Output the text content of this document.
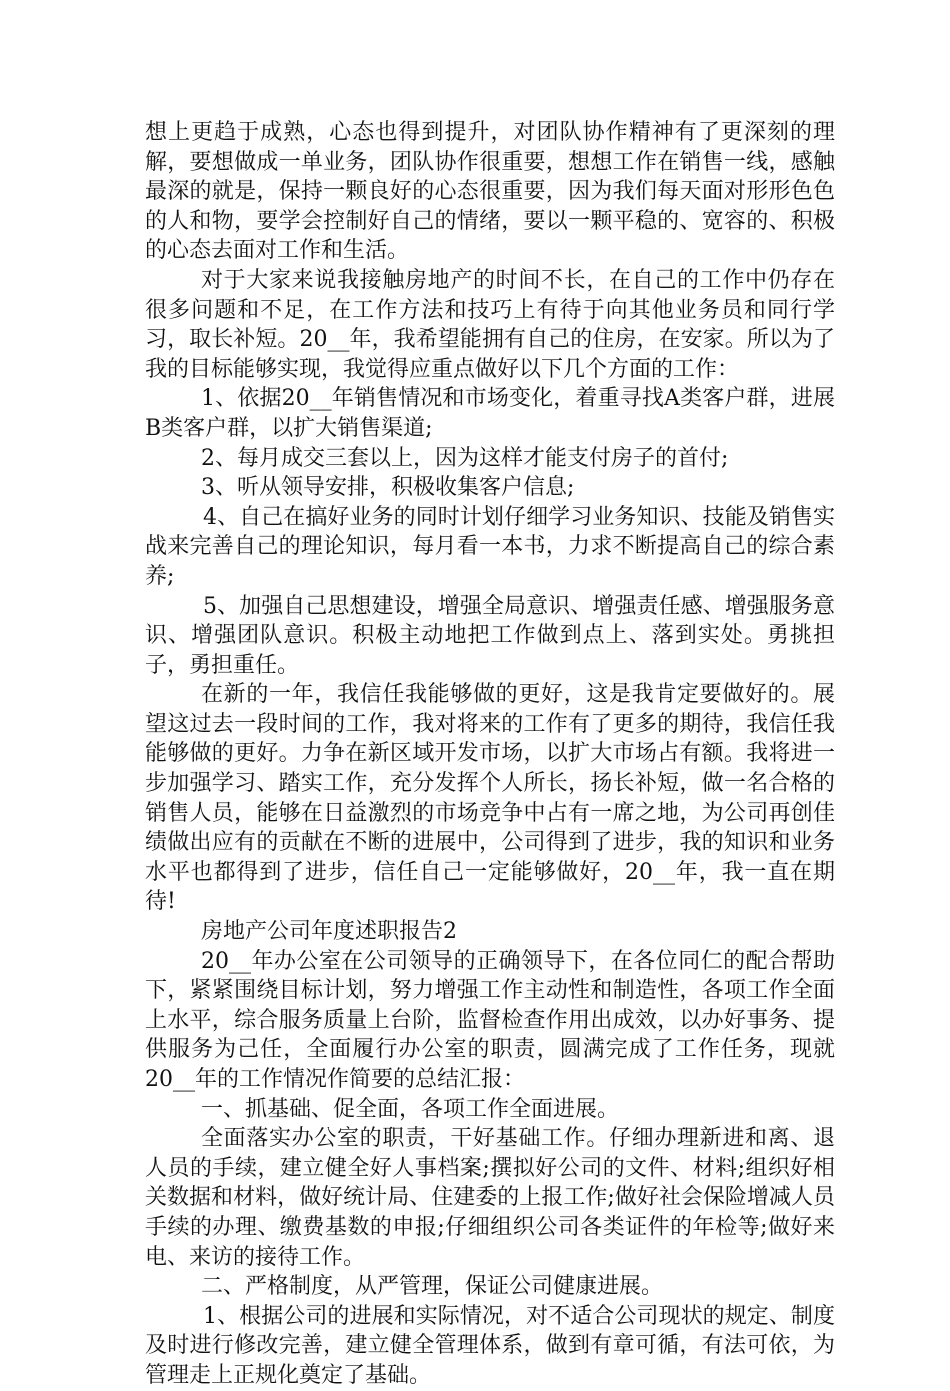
想上更趋于成熟，心态也得到提升，对团队协作精神有了更深刻的理解，要想做成一单业务，团队协作很重要，想想工作在销售一线，感触最深的就是，保持一颗良好的心态很重要，因为我们每天面对形形色色的人和物，要学会控制好自己的情绪，要以一颗平稳的、宽容的、积极的心态去面对工作和生活。

对于大家来说我接触房地产的时间不长，在自己的工作中仍存在很多问题和不足，在工作方法和技巧上有待于向其他业务员和同行学习，取长补短。20__年，我希望能拥有自己的住房，在安家。所以为了我的目标能够实现，我觉得应重点做好以下几个方面的工作：

1、依据20__年销售情况和市场变化，着重寻找A类客户群，进展B类客户群，以扩大销售渠道;

2、每月成交三套以上，因为这样才能支付房子的首付;

3、听从领导安排，积极收集客户信息;

4、自己在搞好业务的同时计划仔细学习业务知识、技能及销售实战来完善自己的理论知识，每月看一本书，力求不断提高自己的综合素养;

5、加强自己思想建设，增强全局意识、增强责任感、增强服务意识、增强团队意识。积极主动地把工作做到点上、落到实处。勇挑担子，勇担重任。

在新的一年，我信任我能够做的更好，这是我肯定要做好的。展望这过去一段时间的工作，我对将来的工作有了更多的期待，我信任我能够做的更好。力争在新区域开发市场，以扩大市场占有额。我将进一步加强学习、踏实工作，充分发挥个人所长，扬长补短，做一名合格的销售人员，能够在日益激烈的市场竞争中占有一席之地，为公司再创佳绩做出应有的贡献在不断的进展中，公司得到了进步，我的知识和业务水平也都得到了进步，信任自己一定能够做好，20__年，我一直在期待!

房地产公司年度述职报告2

20__年办公室在公司领导的正确领导下，在各位同仁的配合帮助下，紧紧围绕目标计划，努力增强工作主动性和制造性，各项工作全面上水平，综合服务质量上台阶，监督检查作用出成效，以办好事务、提供服务为己任，全面履行办公室的职责，圆满完成了工作任务，现就20__年的工作情况作简要的总结汇报：

一、抓基础、促全面，各项工作全面进展。

全面落实办公室的职责，干好基础工作。仔细办理新进和离、退人员的手续，建立健全好人事档案;撰拟好公司的文件、材料;组织好相关数据和材料，做好统计局、住建委的上报工作;做好社会保险增减人员手续的办理、缴费基数的申报;仔细组织公司各类证件的年检等;做好来电、来访的接待工作。

二、严格制度，从严管理，保证公司健康进展。

1、根据公司的进展和实际情况，对不适合公司现状的规定、制度及时进行修改完善，建立健全管理体系，做到有章可循，有法可依，为管理走上正规化奠定了基础。
